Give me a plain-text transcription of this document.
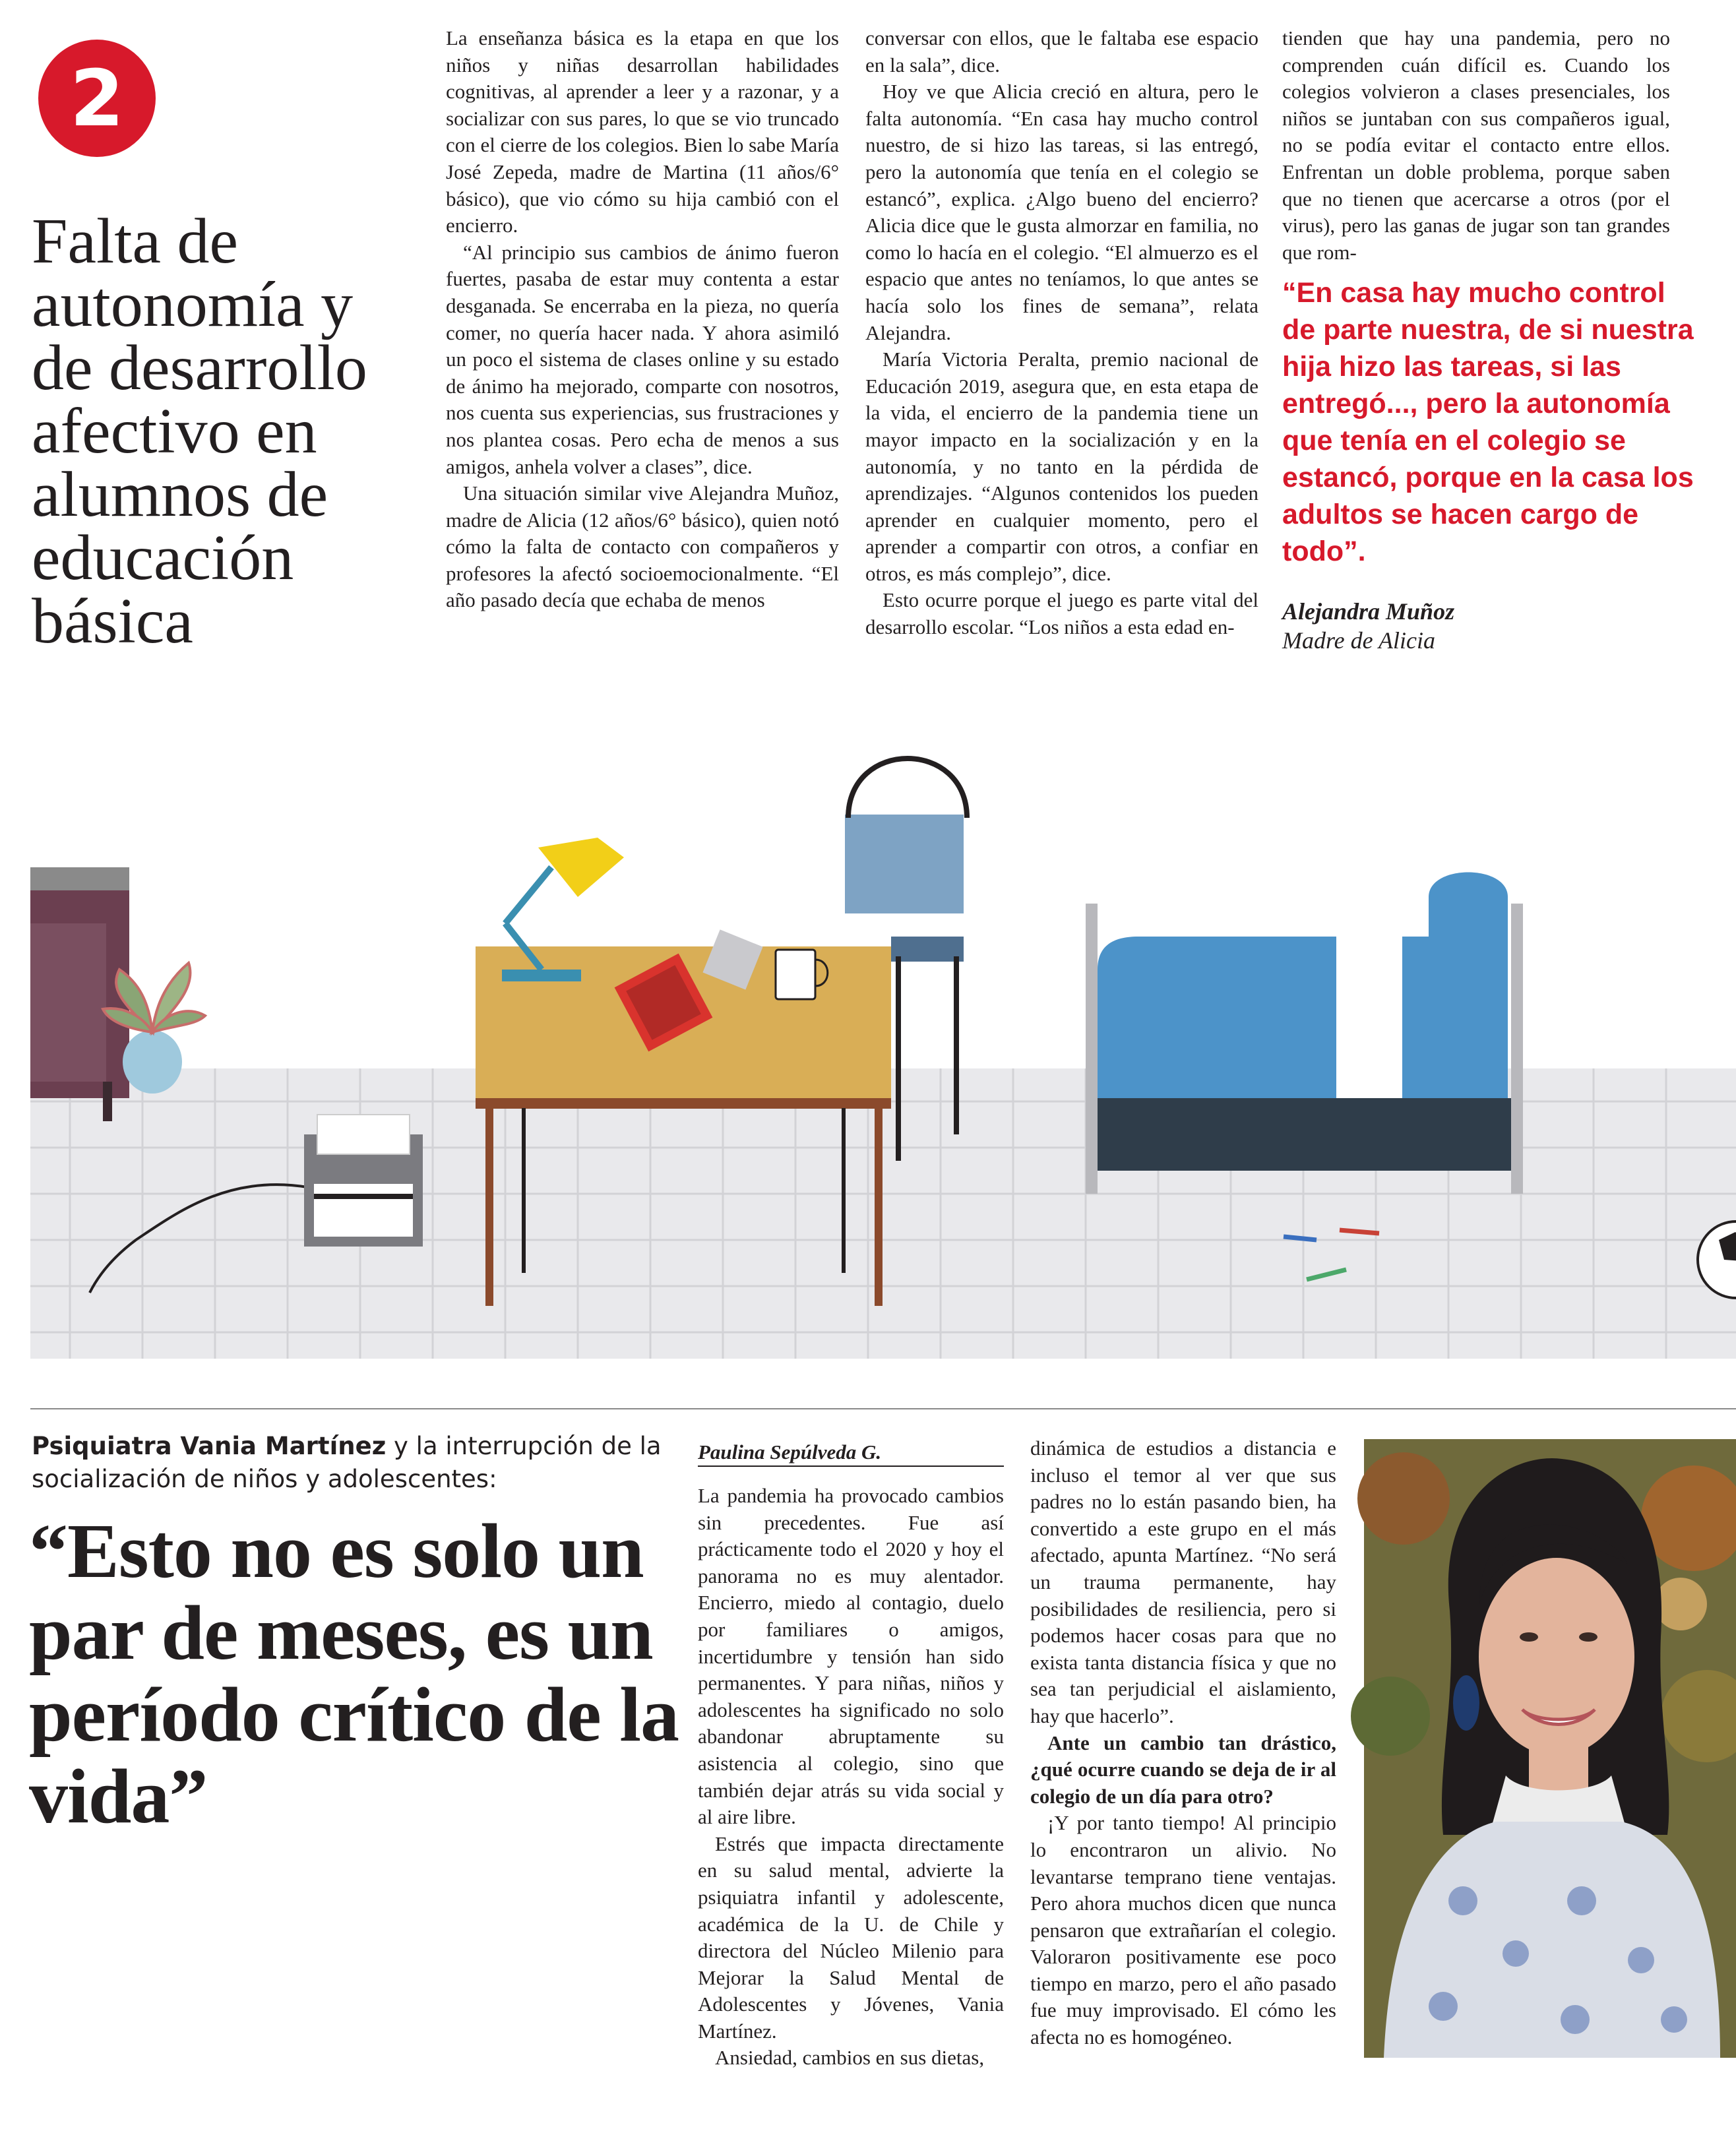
2
Falta de autonomía y de desarrollo afectivo en alumnos de educación básica

La enseñanza básica es la etapa en que los niños y niñas desarrollan habilidades cognitivas, al aprender a leer y a razonar, y a socializar con sus pares, lo que se vio truncado con el cierre de los colegios. Bien lo sabe María José Zepeda, madre de Martina (11 años/6° básico), que vio cómo su hija cambió con el encierro.

“Al principio sus cambios de ánimo fueron fuertes, pasaba de estar muy contenta a estar desganada. Se encerraba en la pieza, no quería comer, no quería hacer nada. Y ahora asimiló un poco el sistema de clases online y su estado de ánimo ha mejorado, comparte con nosotros, nos cuenta sus experiencias, sus frustraciones y nos plantea cosas. Pero echa de menos a sus amigos, anhela volver a clases”, dice.

Una situación similar vive Alejandra Muñoz, madre de Alicia (12 años/6° básico), quien notó cómo la falta de contacto con compañeros y profesores la afectó socioemocionalmente. “El año pasado decía que echaba de menos

conversar con ellos, que le faltaba ese espacio en la sala”, dice.

Hoy ve que Alicia creció en altura, pero le falta autonomía. “En casa hay mucho control nuestro, de si hizo las tareas, si las entregó, pero la autonomía que tenía en el colegio se estancó”, explica. ¿Algo bueno del encierro? Alicia dice que le gusta almorzar en familia, no como lo hacía en el colegio. “El almuerzo es el espacio que antes no teníamos, lo que antes se hacía solo los fines de semana”, relata Alejandra.

María Victoria Peralta, premio nacional de Educación 2019, asegura que, en esta etapa de la vida, el encierro de la pandemia tiene un mayor impacto en la socialización y en la autonomía, y no tanto en la pérdida de aprendizajes. “Algunos contenidos los pueden aprender en cualquier momento, pero el aprender a compartir con otros, a confiar en otros, es más complejo”, dice.

Esto ocurre porque el juego es parte vital del desarrollo escolar. “Los niños a esta edad en-

tienden que hay una pandemia, pero no comprenden cuán difícil es. Cuando los colegios volvieron a clases presenciales, los niños se juntaban con sus compañeros igual, no se podía evitar el contacto entre ellos. Enfrentan un doble problema, porque saben que no tienen que acercarse a otros (por el virus), pero las ganas de jugar son tan grandes que rom-

“En casa hay mucho control de parte nuestra, de si nuestra hija hizo las tareas, si las entregó..., pero la autonomía que tenía en el colegio se estancó, porque en la casa los adultos se hacen cargo de todo”.

Alejandra Muñoz
Madre de Alicia

Psiquiatra Vania Martínez y la interrupción de la socialización de niños y adolescentes:

“Esto no es solo un par de meses, es un período crítico de la vida”
Paulina Sepúlveda G.

La pandemia ha provocado cambios sin precedentes. Fue así prácticamente todo el 2020 y hoy el panorama no es muy alentador. Encierro, miedo al contagio, duelo por familiares o amigos, incertidumbre y tensión han sido permanentes. Y para niñas, niños y adolescentes ha significado no solo abandonar abruptamente su asistencia al colegio, sino que también dejar atrás su vida social y al aire libre.

Estrés que impacta directamente en su salud mental, advierte la psiquiatra infantil y adolescente, académica de la U. de Chile y directora del Núcleo Milenio para Mejorar la Salud Mental de Adolescentes y Jóvenes, Vania Martínez.

Ansiedad, cambios en sus dietas,

dinámica de estudios a distancia e incluso el temor al ver que sus padres no lo están pasando bien, ha convertido a este grupo en el más afectado, apunta Martínez. “No será un trauma permanente, hay posibilidades de resiliencia, pero si podemos hacer cosas para que no exista tanta distancia física y que no sea tan perjudicial el aislamiento, hay que hacerlo”.

Ante un cambio tan drástico, ¿qué ocurre cuando se deja de ir al colegio de un día para otro?

¡Y por tanto tiempo! Al principio lo encontraron un alivio. No levantarse temprano tiene ventajas. Pero ahora muchos dicen que nunca pensaron que extrañarían el colegio. Valoraron positivamente ese poco tiempo en marzo, pero el año pasado fue muy improvisado. El cómo les afecta no es homogéneo.
